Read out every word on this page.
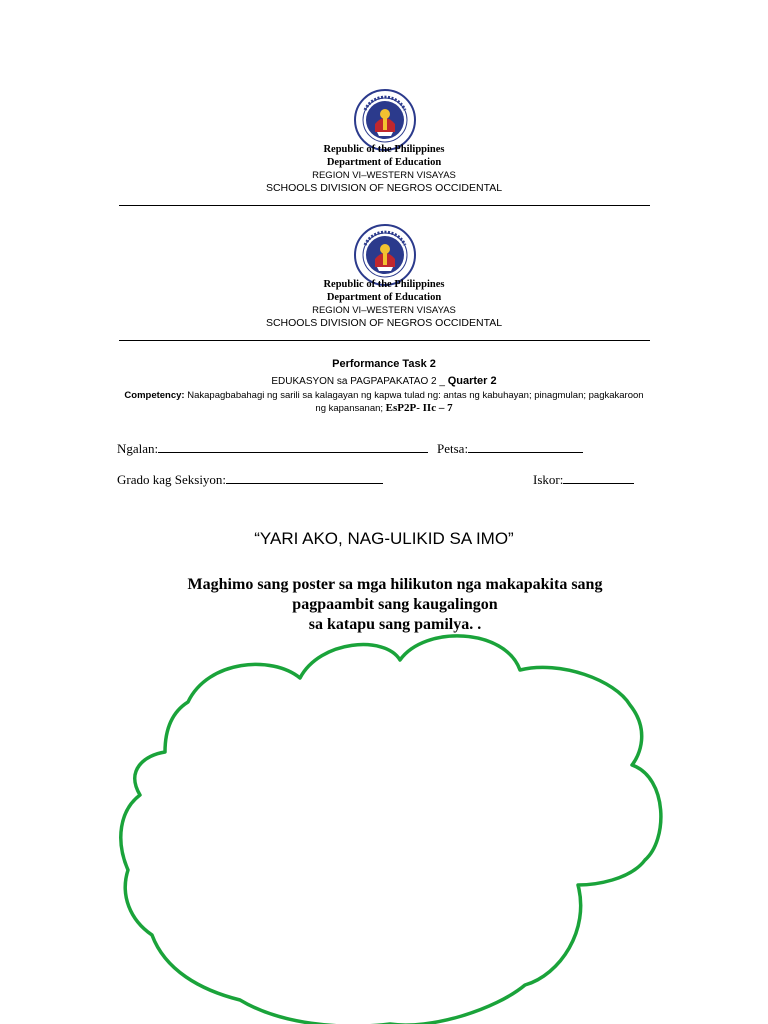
Republic of the Philippines
Department of Education
REGION VI–WESTERN VISAYAS
SCHOOLS DIVISION OF NEGROS OCCIDENTAL
Republic of the Philippines
Department of Education
REGION VI–WESTERN VISAYAS
SCHOOLS DIVISION OF NEGROS OCCIDENTAL
Performance Task 2
EDUKASYON sa PAGPAPAKATAO 2 _ Quarter 2
Competency: Nakapagbabahagi ng sarili sa kalagayan ng kapwa tulad ng: antas ng kabuhayan; pinagmulan; pagkakaroon ng kapansanan; EsP2P- IIc – 7
Ngalan:	Petsa:
Grado kag Seksiyon:	Iskor:
“YARI AKO, NAG-ULIKID SA IMO”
Maghimo sang poster sa mga hilikuton nga makapakita sang
pagpaambit sang kaugalingon
sa katapu sang pamilya. .
